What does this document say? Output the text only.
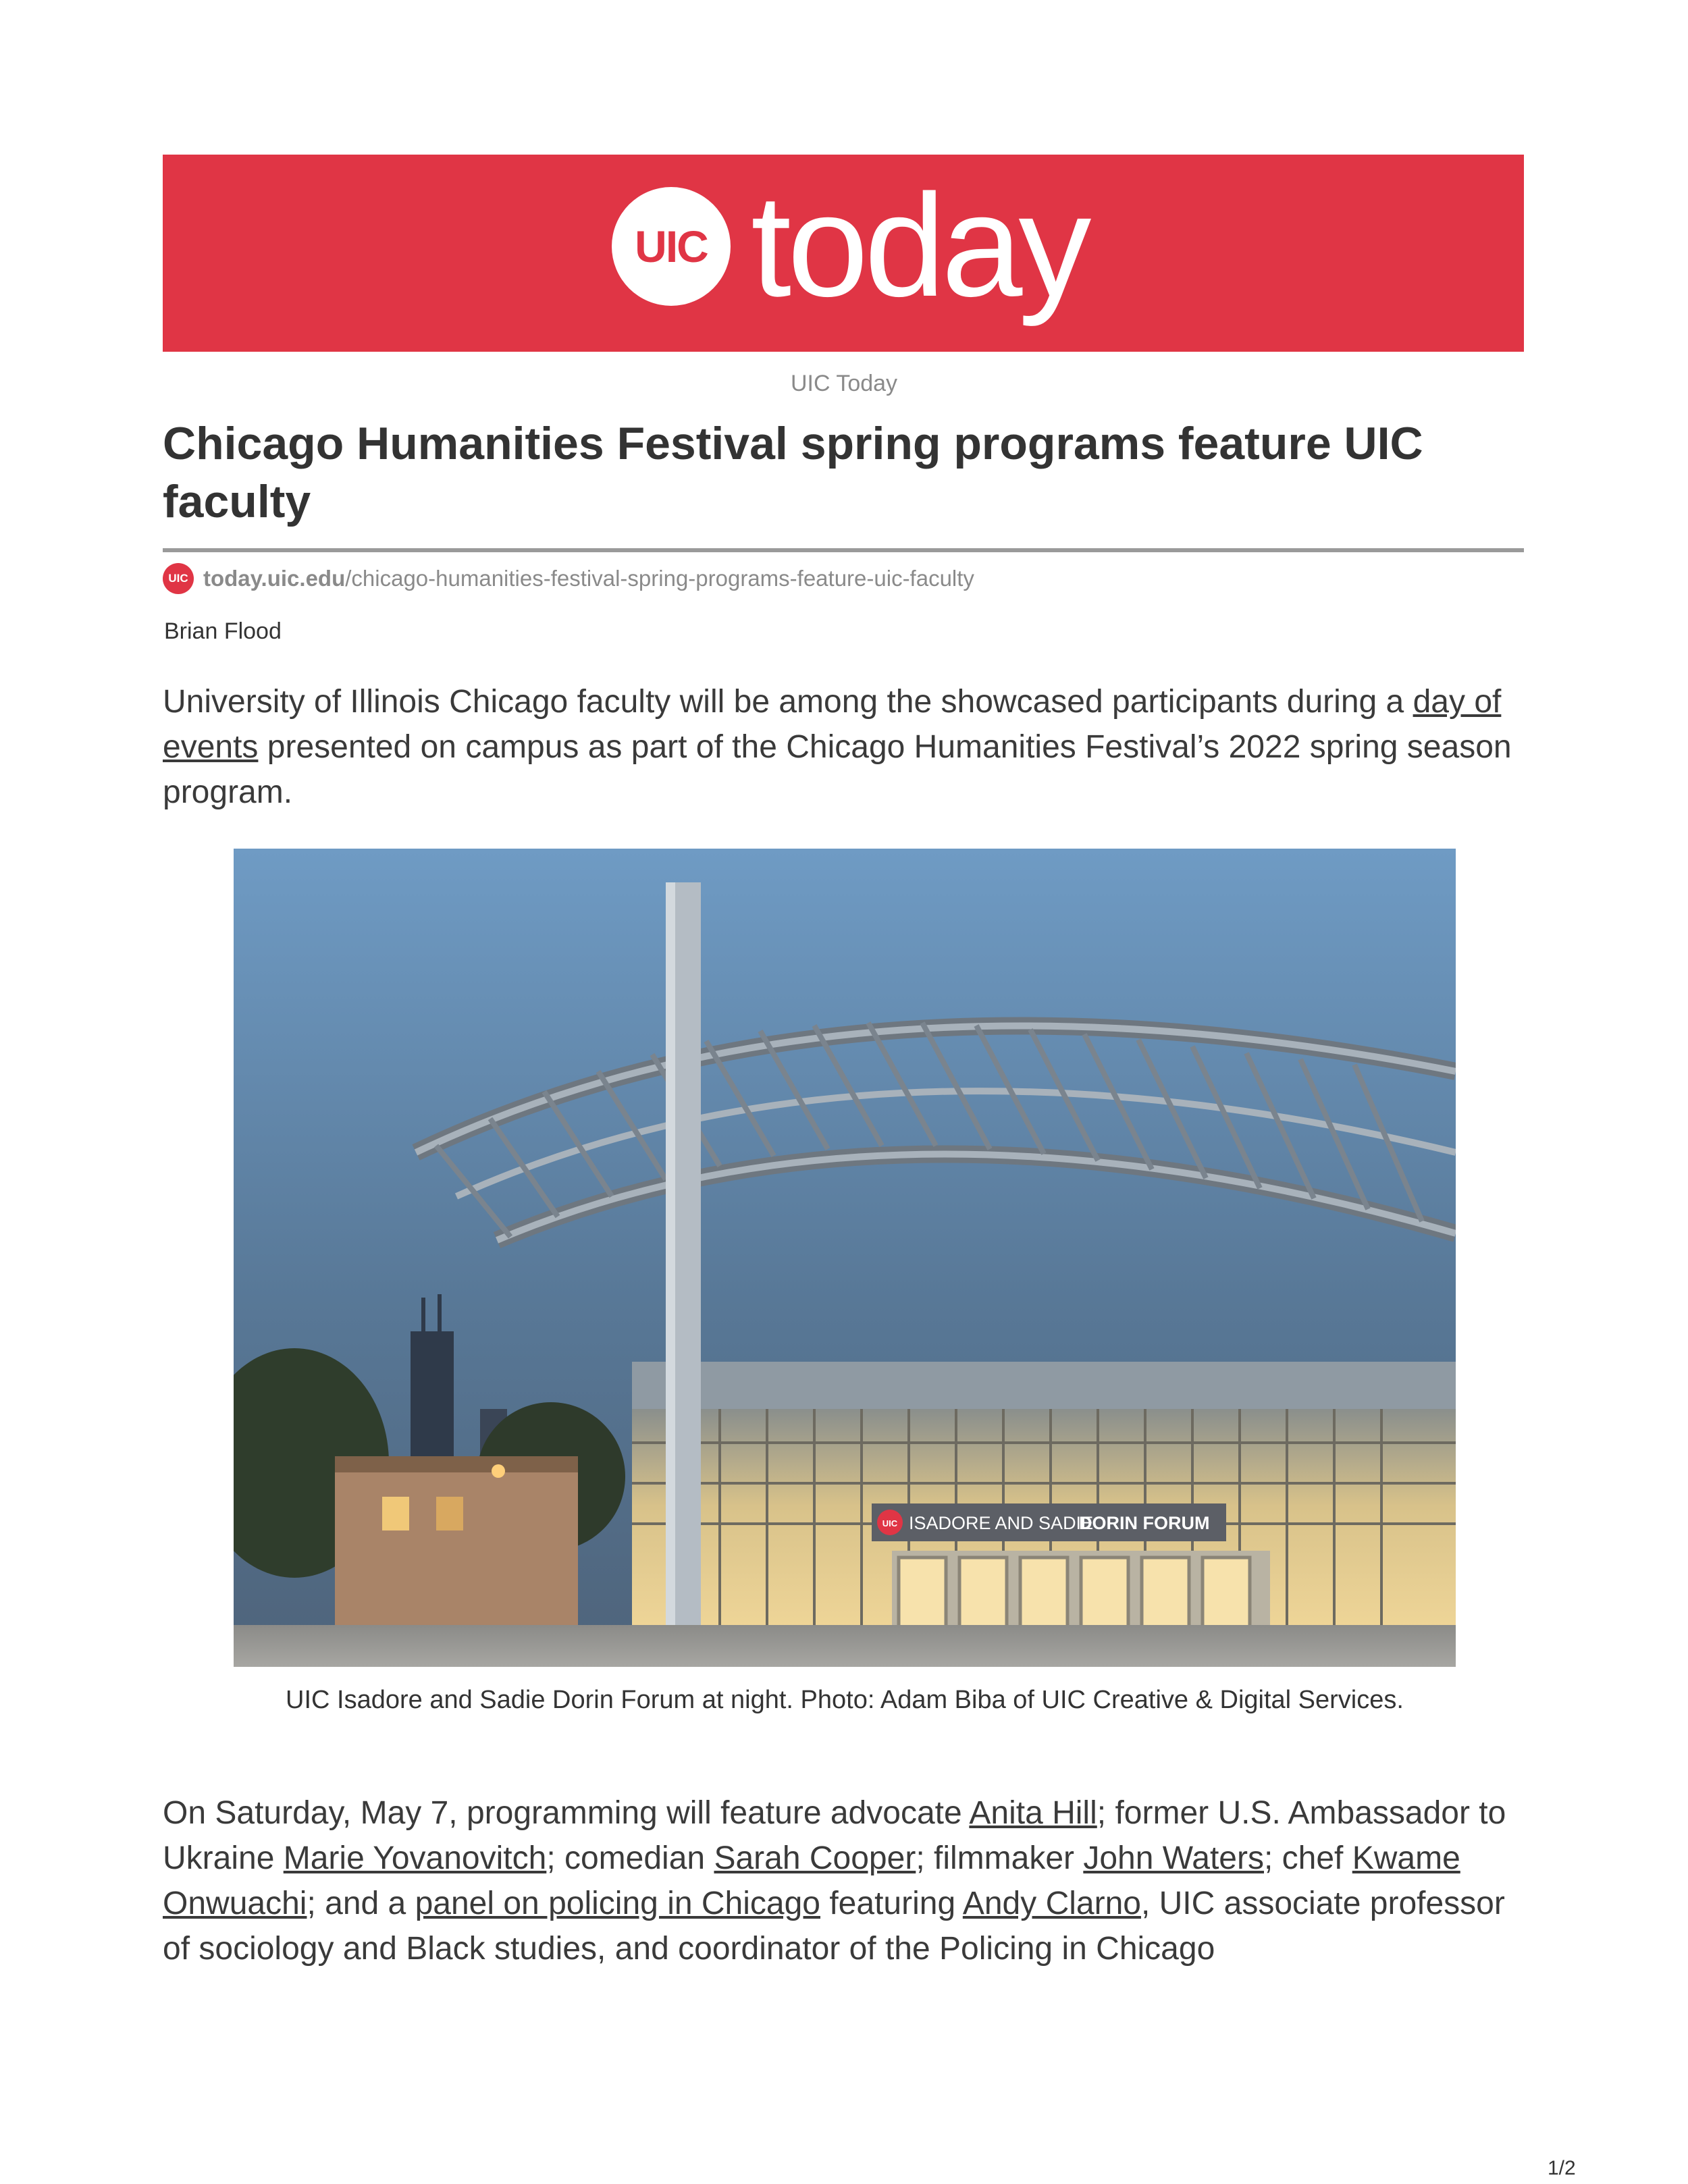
UIC today
UIC Today
Chicago Humanities Festival spring programs feature UIC faculty
UIC today.uic.edu/chicago-humanities-festival-spring-programs-feature-uic-faculty
Brian Flood

University of Illinois Chicago faculty will be among the showcased participants during a day of events presented on campus as part of the Chicago Humanities Festival’s 2022 spring season program.

UIC ISADORE AND SADIE
DORIN FORUM
UIC Isadore and Sadie Dorin Forum at night. Photo: Adam Biba of UIC Creative & Digital Services.

On Saturday, May 7, programming will feature advocate Anita Hill; former U.S. Ambassador to Ukraine Marie Yovanovitch; comedian Sarah Cooper; filmmaker John Waters; chef Kwame Onwuachi; and a panel on policing in Chicago featuring Andy Clarno, UIC associate professor of sociology and Black studies, and coordinator of the Policing in Chicago

1/2
